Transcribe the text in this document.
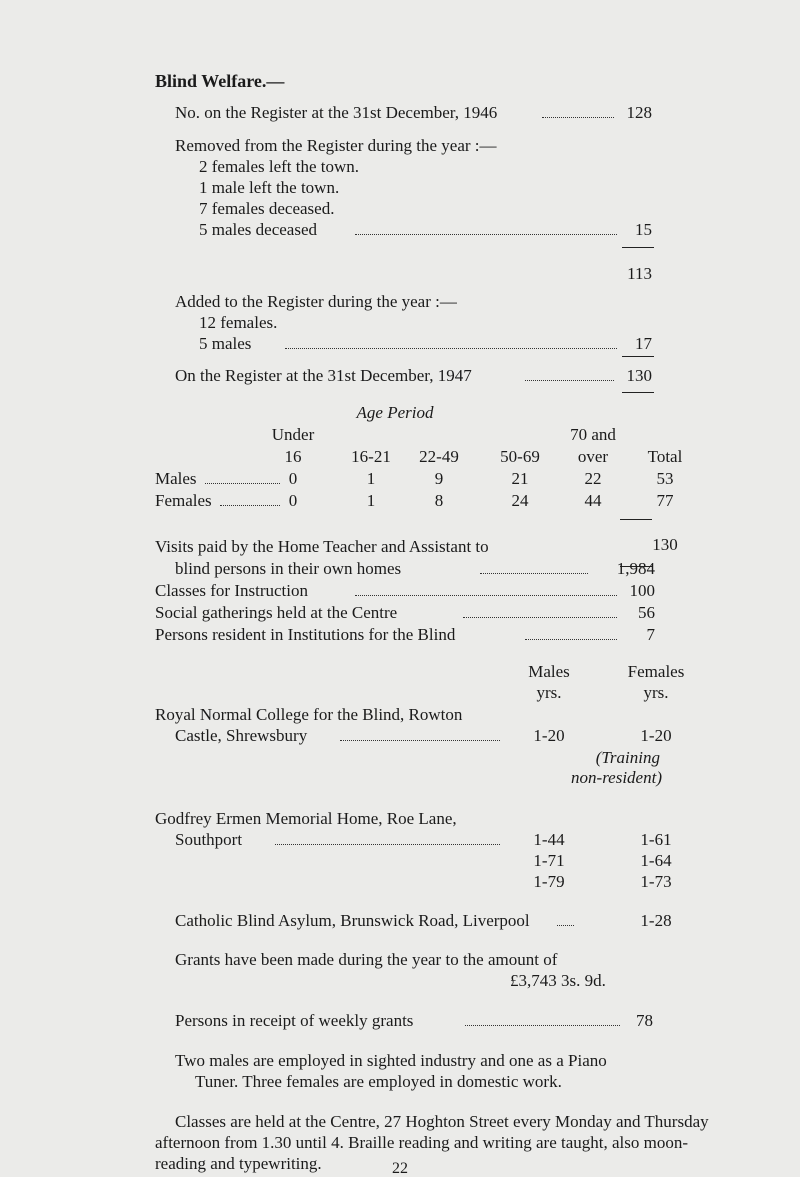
Blind Welfare.—
No. on the Register at the 31st December, 1946	128
Removed from the Register during the year :—
2 females left the town.
1 male left the town.
7 females deceased.
5 males deceased	15
113
Added to the Register during the year :—
12 females.
5 males	17
On the Register at the 31st December, 1947	130
Age Period
Under	70 and
16	16-21	22-49	50-69	over	Total
Males	0	1	9	21	22	53
Females	0	1	8	24	44	77
130
Visits paid by the Home Teacher and Assistant to
blind persons in their own homes	1,984
Classes for Instruction	100
Social gatherings held at the Centre	56
Persons resident in Institutions for the Blind	7
Males	Females
yrs.	yrs.
Royal Normal College for the Blind, Rowton
Castle, Shrewsbury	1-20	1-20
(Training
non-resident)
Godfrey Ermen Memorial Home, Roe Lane,
Southport	1-44	1-61
1-71	1-64
1-79	1-73
Catholic Blind Asylum, Brunswick Road, Liverpool	1-28
Grants have been made during the year to the amount of
£3,743 3s. 9d.
Persons in receipt of weekly grants	78
Two males are employed in sighted industry and one as a Piano
Tuner. Three females are employed in domestic work.
Classes are held at the Centre, 27 Hoghton Street every Monday and Thursday
afternoon from 1.30 until 4. Braille reading and writing are taught, also moon-
reading and typewriting.	22
